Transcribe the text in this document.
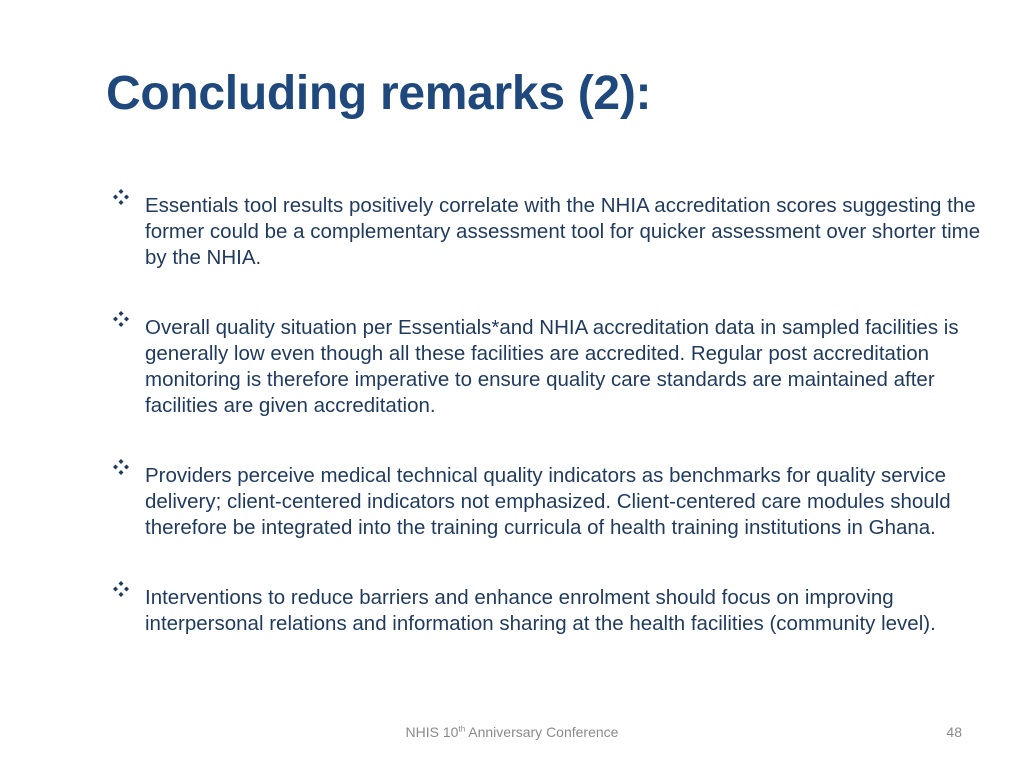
Concluding remarks (2):
Essentials tool results positively correlate with the NHIA accreditation scores suggesting the former could be a complementary assessment tool for quicker assessment over shorter time by the NHIA.
Overall quality situation per Essentials*and NHIA accreditation data in sampled facilities is generally low even though all these facilities are accredited. Regular post accreditation monitoring is therefore imperative to ensure quality care standards are maintained after facilities are given accreditation.
Providers perceive medical technical quality indicators as benchmarks for quality service delivery; client-centered indicators not emphasized. Client-centered care modules should therefore be integrated into the training curricula of health training institutions in Ghana.
Interventions to reduce barriers and enhance enrolment should focus on improving interpersonal relations and information sharing at the health facilities (community level).
NHIS 10th Anniversary Conference	48
